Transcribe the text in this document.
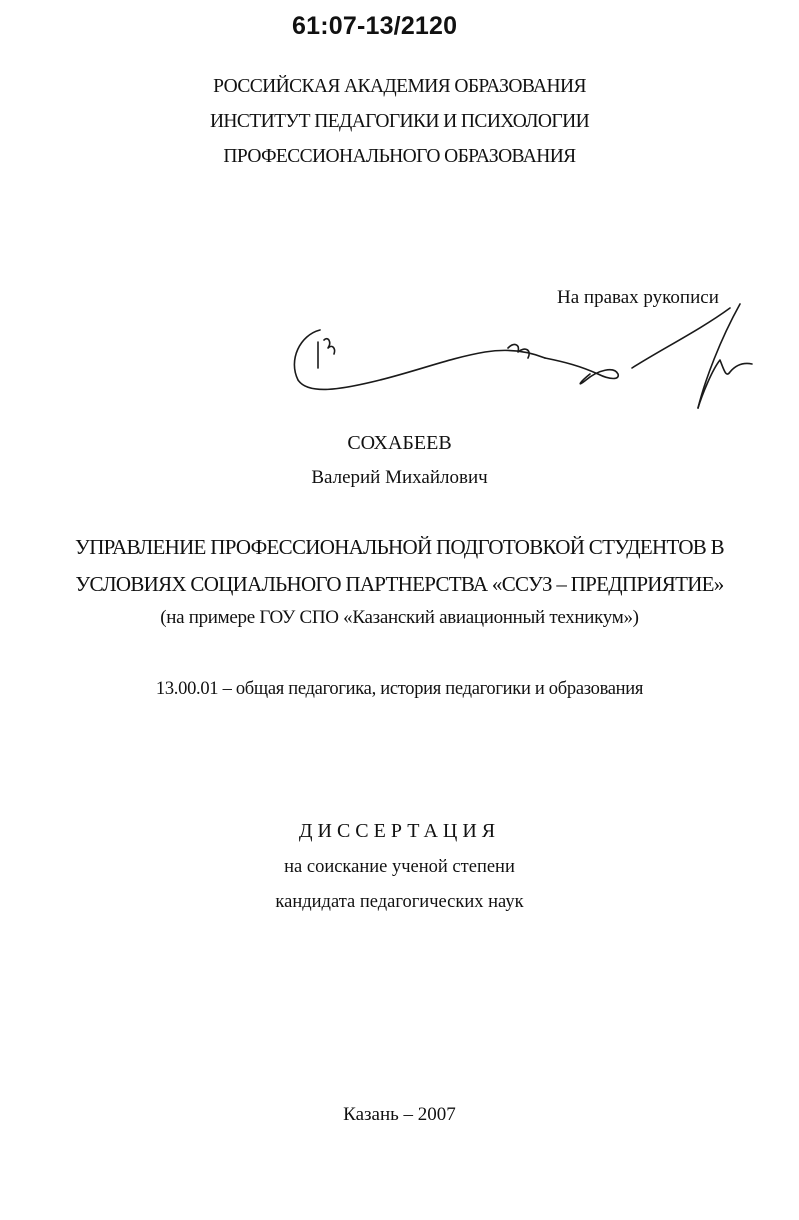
61:07-13/2120
РОССИЙСКАЯ АКАДЕМИЯ ОБРАЗОВАНИЯ
ИНСТИТУТ ПЕДАГОГИКИ И ПСИХОЛОГИИ
ПРОФЕССИОНАЛЬНОГО ОБРАЗОВАНИЯ
На правах рукописи
СОХАБЕЕВ
Валерий Михайлович
УПРАВЛЕНИЕ ПРОФЕССИОНАЛЬНОЙ ПОДГОТОВКОЙ СТУДЕНТОВ В
УСЛОВИЯХ СОЦИАЛЬНОГО ПАРТНЕРСТВА «ССУЗ – ПРЕДПРИЯТИЕ»
(на примере ГОУ СПО «Казанский авиационный техникум»)
13.00.01 – общая педагогика, история педагогики и образования
ДИССЕРТАЦИЯ
на соискание ученой степени
кандидата педагогических наук
Казань – 2007
